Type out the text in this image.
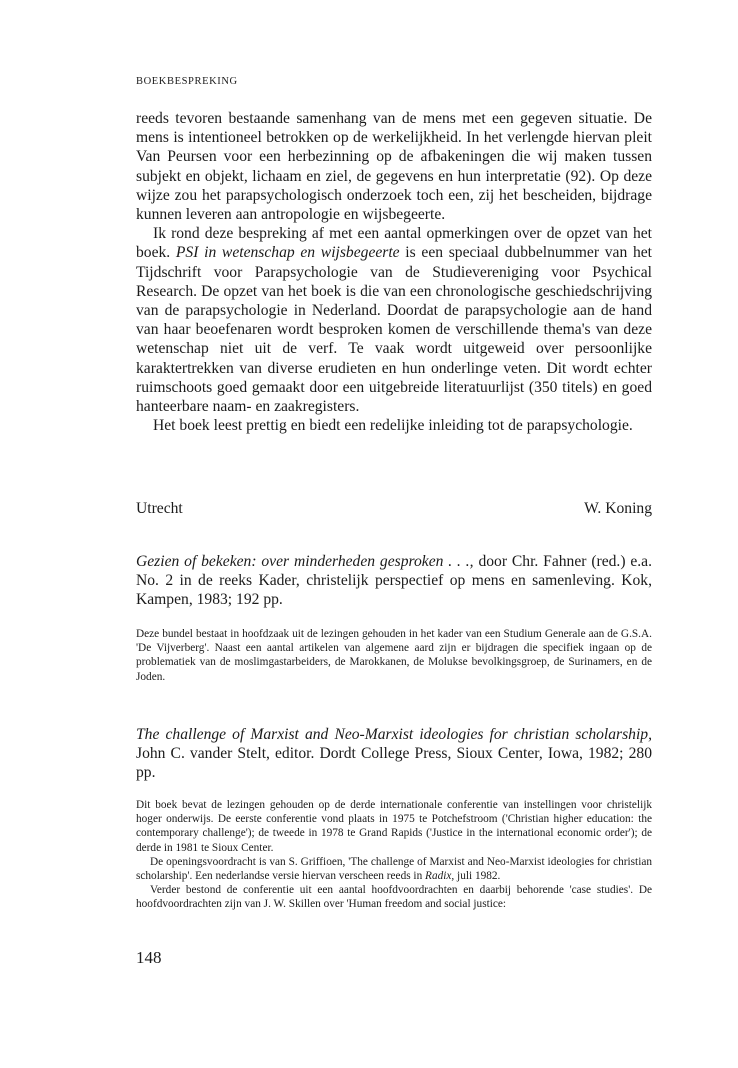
BOEKBESPREKING

reeds tevoren bestaande samenhang van de mens met een gegeven situatie. De mens is intentioneel betrokken op de werkelijkheid. In het verlengde hiervan pleit Van Peursen voor een herbezinning op de afbakeningen die wij maken tussen subjekt en objekt, lichaam en ziel, de gegevens en hun interpretatie (92). Op deze wijze zou het parapsychologisch onderzoek toch een, zij het bescheiden, bijdrage kunnen leveren aan antropologie en wijsbegeerte.

Ik rond deze bespreking af met een aantal opmerkingen over de opzet van het boek. PSI in wetenschap en wijsbegeerte is een speciaal dubbelnummer van het Tijdschrift voor Parapsychologie van de Studievereniging voor Psychical Research. De opzet van het boek is die van een chronologische geschiedschrijving van de parapsychologie in Nederland. Doordat de parapsychologie aan de hand van haar beoefenaren wordt besproken komen de verschillende thema's van deze wetenschap niet uit de verf. Te vaak wordt uitgeweid over persoonlijke karaktertrekken van diverse erudieten en hun onderlinge veten. Dit wordt echter ruimschoots goed gemaakt door een uitgebreide literatuurlijst (350 titels) en goed hanteerbare naam- en zaakregisters.

Het boek leest prettig en biedt een redelijke inleiding tot de parapsychologie.

Utrecht	W. Koning
Gezien of bekeken: over minderheden gesproken . . ., door Chr. Fahner (red.) e.a. No. 2 in de reeks Kader, christelijk perspectief op mens en samenleving. Kok, Kampen, 1983; 192 pp.

Deze bundel bestaat in hoofdzaak uit de lezingen gehouden in het kader van een Studium Generale aan de G.S.A. 'De Vijverberg'. Naast een aantal artikelen van algemene aard zijn er bijdragen die specifiek ingaan op de problematiek van de moslimgastarbeiders, de Marokkanen, de Molukse bevolkingsgroep, de Surinamers, en de Joden.

The challenge of Marxist and Neo-Marxist ideologies for christian scholarship, John C. vander Stelt, editor. Dordt College Press, Sioux Center, Iowa, 1982; 280 pp.

Dit boek bevat de lezingen gehouden op de derde internationale conferentie van instellingen voor christelijk hoger onderwijs. De eerste conferentie vond plaats in 1975 te Potchefstroom ('Christian higher education: the contemporary challenge'); de tweede in 1978 te Grand Rapids ('Justice in the international economic order'); de derde in 1981 te Sioux Center.

De openingsvoordracht is van S. Griffioen, 'The challenge of Marxist and Neo-Marxist ideologies for christian scholarship'. Een nederlandse versie hiervan verscheen reeds in Radix, juli 1982.

Verder bestond de conferentie uit een aantal hoofdvoordrachten en daarbij behorende 'case studies'. De hoofdvoordrachten zijn van J. W. Skillen over 'Human freedom and social justice:

148
